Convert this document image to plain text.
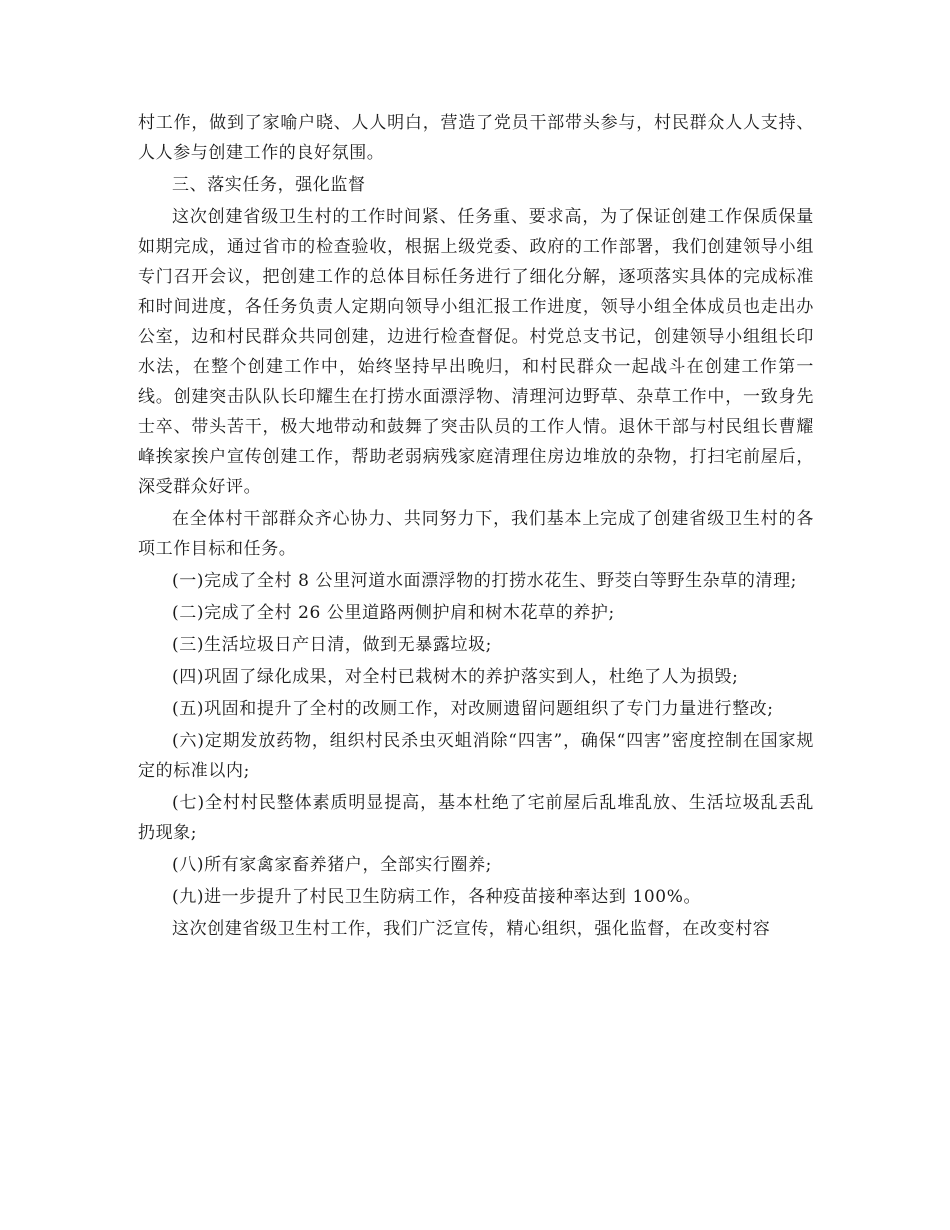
村工作，做到了家喻户晓、人人明白，营造了党员干部带头参与，村民群众人人支持、人人参与创建工作的良好氛围。

三、落实任务，强化监督

这次创建省级卫生村的工作时间紧、任务重、要求高，为了保证创建工作保质保量如期完成，通过省市的检查验收，根据上级党委、政府的工作部署，我们创建领导小组专门召开会议，把创建工作的总体目标任务进行了细化分解，逐项落实具体的完成标准和时间进度，各任务负责人定期向领导小组汇报工作进度，领导小组全体成员也走出办公室，边和村民群众共同创建，边进行检查督促。村党总支书记，创建领导小组组长印水法，在整个创建工作中，始终坚持早出晚归，和村民群众一起战斗在创建工作第一线。创建突击队队长印耀生在打捞水面漂浮物、清理河边野草、杂草工作中，一致身先士卒、带头苦干，极大地带动和鼓舞了突击队员的工作人情。退休干部与村民组长曹耀峰挨家挨户宣传创建工作，帮助老弱病残家庭清理住房边堆放的杂物，打扫宅前屋后，深受群众好评。

在全体村干部群众齐心协力、共同努力下，我们基本上完成了创建省级卫生村的各项工作目标和任务。

(一)完成了全村 8 公里河道水面漂浮物的打捞水花生、野茭白等野生杂草的清理;

(二)完成了全村 26 公里道路两侧护肩和树木花草的养护;

(三)生活垃圾日产日清，做到无暴露垃圾;

(四)巩固了绿化成果，对全村已栽树木的养护落实到人，杜绝了人为损毁;

(五)巩固和提升了全村的改厕工作，对改厕遗留问题组织了专门力量进行整改;

(六)定期发放药物，组织村民杀虫灭蛆消除“四害”，确保“四害”密度控制在国家规定的标准以内;

(七)全村村民整体素质明显提高，基本杜绝了宅前屋后乱堆乱放、生活垃圾乱丢乱扔现象;

(八)所有家禽家畜养猪户，全部实行圈养;

(九)进一步提升了村民卫生防病工作，各种疫苗接种率达到 100%。

这次创建省级卫生村工作，我们广泛宣传，精心组织，强化监督，在改变村容
